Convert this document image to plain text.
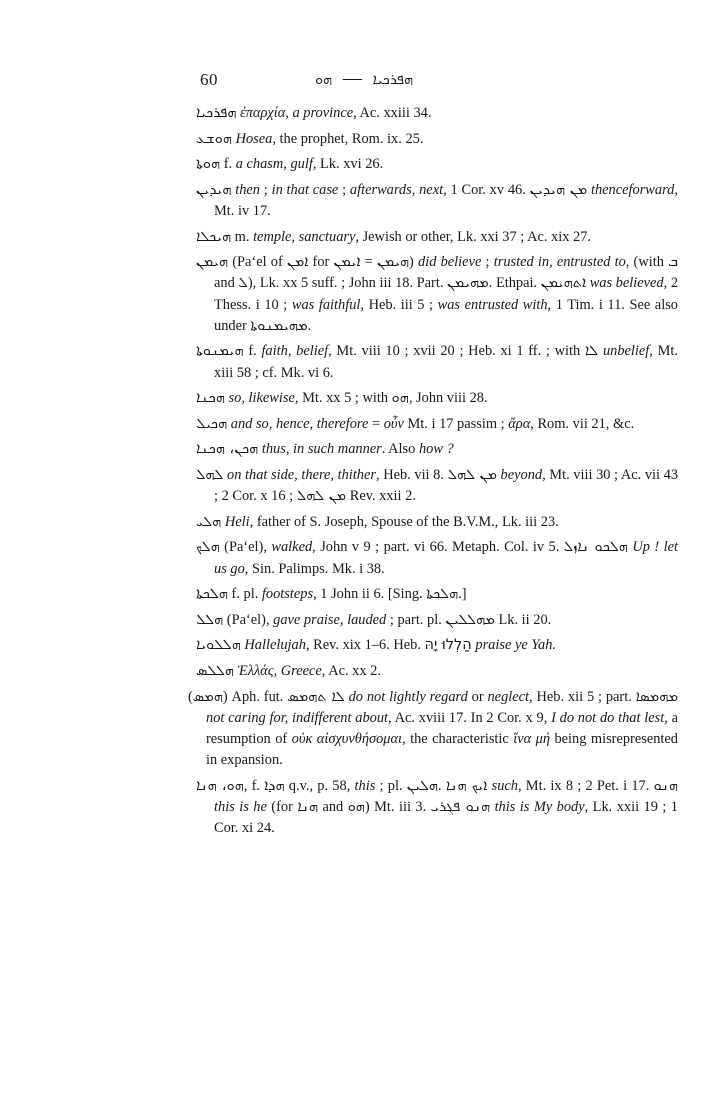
60	ܗܘ — ܗܦܪܟܝܐ

ܗܦܪܟܝܐ ἐπαρχία, a province, Ac. xxiii 34.

ܗܘܫܥ Hosea, the prophet, Rom. ix. 25.

ܗܘܬܐ f. a chasm, gulf, Lk. xvi 26.

ܗܝܕܝܢ then ; in that case ; afterwards, next, 1 Cor. xv 46. ܡܢ ܗܝܕܝܢ thenceforward, Mt. iv 17.

ܗܝܟܠܐ m. temple, sanctuary, Jewish or other, Lk. xxi 37 ; Ac. xix 27.

ܗܝܡܢ (Pa‘el of ܐܡܢ for ܐܝܡܢ = ܗܝܡܢ) did believe ; trusted in, entrusted to, (with ܒ and ܠ), Lk. xx 5 suff. ; John iii 18. Part. ܡܗܝܡܢ. Ethpai. ܐܬܗܝܡܢ was believed, 2 Thess. i 10 ; was faithful, Heb. iii 5 ; was entrusted with, 1 Tim. i 11. See also under ܡܗܝܡܢܘܬܐ.

ܗܝܡܢܘܬܐ f. faith, belief, Mt. viii 10 ; xvii 20 ; Heb. xi 1 ff. ; with ܠܐ unbelief, Mt. xiii 58 ; cf. Mk. vi 6.

ܗܟܢܐ so, likewise, Mt. xx 5 ; with ܗܘ, John viii 28.

ܗܟܝܠ and so, hence, therefore = οὖν Mt. i 17 passim ; ἄρα, Rom. vii 21, &c.

ܗܟܢ، ܗܟܢܐ thus, in such manner. Also how ?

ܠܗܠ on that side, there, thither, Heb. vii 8. ܡܢ ܠܗܠ beyond, Mt. viii 30 ; Ac. vii 43 ; 2 Cor. x 16 ; ܡܢ ܠܗܠ Rev. xxii 2.

ܗܠܝ Heli, father of S. Joseph, Spouse of the B.V.M., Lk. iii 23.

ܗܠܟ (Pa‘el), walked, John v 9 ; part. vi 66. Metaph. Col. iv 5. ܗܠܟܘ ܢܐܙܠ Up ! let us go, Sin. Palimps. Mk. i 38.

ܗܠܟܬܐ f. pl. footsteps, 1 John ii 6. [Sing. ܗܠܟܬܐ.]

ܗܠܠ (Pa‘el), gave praise, lauded ; part. pl. ܡܗܠܠܝܢ Lk. ii 20.

ܗܠܠܘܝܐ Hallelujah, Rev. xix 1–6. Heb. הַלְלוּ יָהּ praise ye Yah.

ܗܠܠܣ Ἑλλάς, Greece, Ac. xx 2.

(ܗܡܣ) Aph. fut. ܠܐ ܬܗܡܣ do not lightly regard or neglect, Heb. xii 5 ; part. ܡܗܡܣܐ not caring for, indifferent about, Ac. xviii 17. In 2 Cor. x 9, I do not do that lest, a resumption of οὐκ αἰσχυνθήσομαι, the characteristic ἵνα μή being misrepresented in expansion.

ܗܘ، ܗܢܐ, f. ܗܕܐ q.v., p. 58, this ; pl. ܗܠܝܢ. ܐܝܟ ܗܢܐ such, Mt. ix 8 ; 2 Pet. i 17. ܗܢܘ this is he (for ܗܢܐ and ܗܘ) Mt. iii 3. ܗܢܘ ܦܓܪܝ this is My body, Lk. xxii 19 ; 1 Cor. xi 24.
